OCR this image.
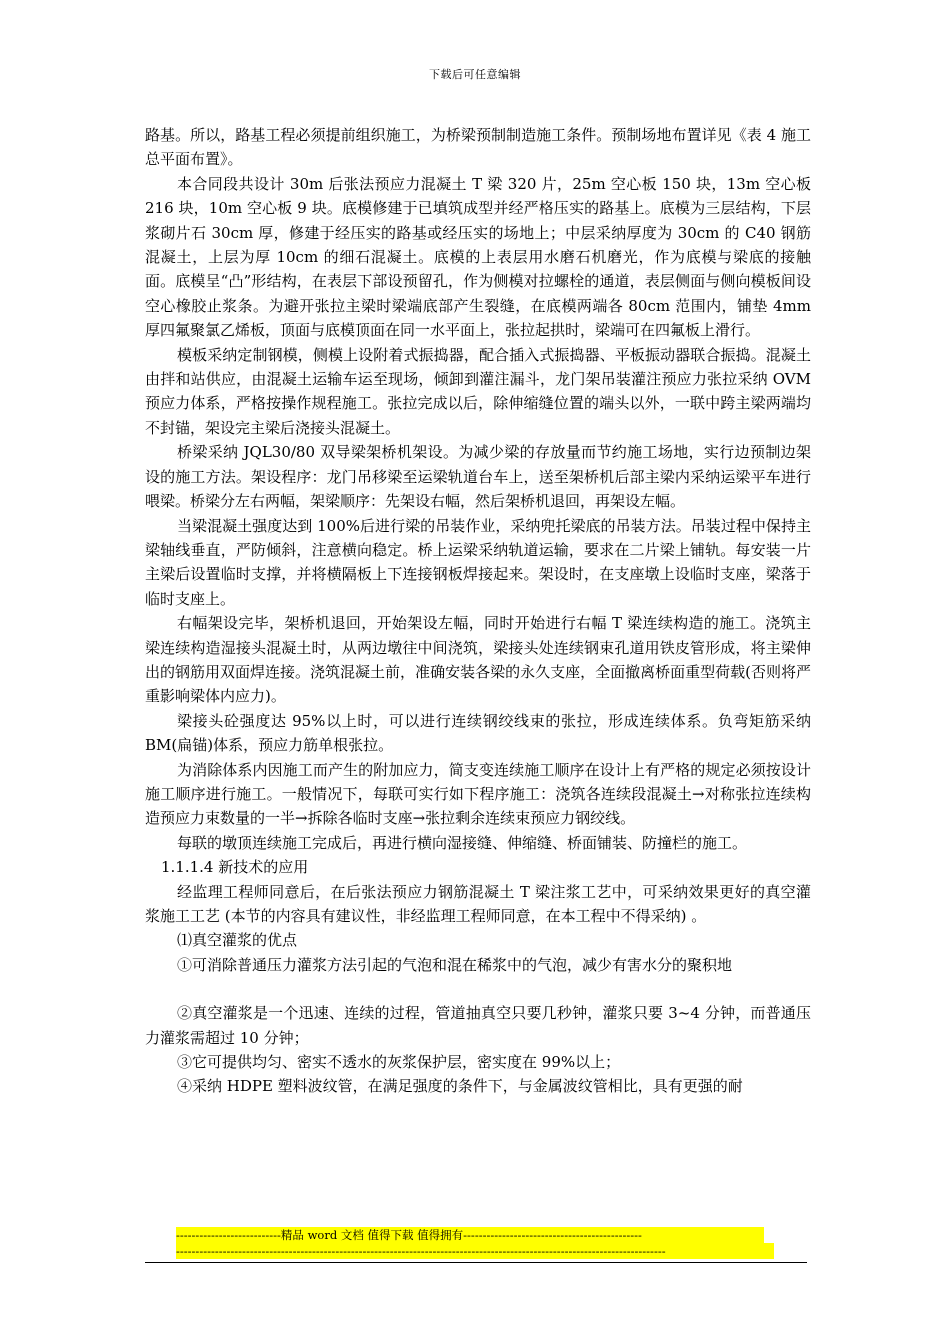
下载后可任意编辑

路基。所以，路基工程必须提前组织施工，为桥梁预制制造施工条件。预制场地布置详见《表 4 施工总平面布置》。

本合同段共设计 30m 后张法预应力混凝土 T 梁 320 片，25m 空心板 150 块，13m 空心板 216 块，10m 空心板 9 块。底模修建于已填筑成型并经严格压实的路基上。底模为三层结构，下层浆砌片石 30cm 厚，修建于经压实的路基或经压实的场地上；中层采纳厚度为 30cm 的 C40 钢筋混凝土，上层为厚 10cm 的细石混凝土。底模的上表层用水磨石机磨光，作为底模与梁底的接触面。底模呈“凸”形结构，在表层下部设预留孔，作为侧模对拉螺栓的通道，表层侧面与侧向模板间设空心橡胶止浆条。为避开张拉主梁时梁端底部产生裂缝，在底模两端各 80cm 范围内，铺垫 4mm 厚四氟聚氯乙烯板，顶面与底模顶面在同一水平面上，张拉起拱时，梁端可在四氟板上滑行。

模板采纳定制钢模，侧模上设附着式振捣器，配合插入式振捣器、平板振动器联合振捣。混凝土由拌和站供应，由混凝土运输车运至现场，倾卸到灌注漏斗，龙门架吊装灌注预应力张拉采纳 OVM 预应力体系，严格按操作规程施工。张拉完成以后，除伸缩缝位置的端头以外，一联中跨主梁两端均不封锚，架设完主梁后浇接头混凝土。

桥梁采纳 JQL30/80 双导梁架桥机架设。为减少梁的存放量而节约施工场地，实行边预制边架设的施工方法。架设程序：龙门吊移梁至运梁轨道台车上，送至架桥机后部主梁内采纳运梁平车进行喂梁。桥梁分左右两幅，架梁顺序：先架设右幅，然后架桥机退回，再架设左幅。

当梁混凝土强度达到 100%后进行梁的吊装作业，采纳兜托梁底的吊装方法。吊装过程中保持主梁轴线垂直，严防倾斜，注意横向稳定。桥上运梁采纳轨道运输，要求在二片梁上铺轨。每安装一片主梁后设置临时支撑，并将横隔板上下连接钢板焊接起来。架设时，在支座墩上设临时支座，梁落于临时支座上。

右幅架设完毕，架桥机退回，开始架设左幅，同时开始进行右幅 T 梁连续构造的施工。浇筑主梁连续构造湿接头混凝土时，从两边墩往中间浇筑，梁接头处连续钢束孔道用铁皮管形成，将主梁伸出的钢筋用双面焊连接。浇筑混凝土前，准确安装各梁的永久支座，全面撤离桥面重型荷载(否则将严重影响梁体内应力)。

梁接头砼强度达 95%以上时，可以进行连续钢绞线束的张拉，形成连续体系。负弯矩筋采纳 BM(扁锚)体系，预应力筋单根张拉。

为消除体系内因施工而产生的附加应力，简支变连续施工顺序在设计上有严格的规定必须按设计施工顺序进行施工。一般情况下，每联可实行如下程序施工：浇筑各连续段混凝土→对称张拉连续构造预应力束数量的一半→拆除各临时支座→张拉剩余连续束预应力钢绞线。

每联的墩顶连续施工完成后，再进行横向湿接缝、伸缩缝、桥面铺装、防撞栏的施工。

1.1.1.4 新技术的应用

经监理工程师同意后，在后张法预应力钢筋混凝土 T 梁注浆工艺中，可采纳效果更好的真空灌浆施工工艺 (本节的内容具有建议性，非经监理工程师同意，在本工程中不得采纳) 。

⑴真空灌浆的优点

①可消除普通压力灌浆方法引起的气泡和混在稀浆中的气泡，减少有害水分的聚积地

②真空灌浆是一个迅速、连续的过程，管道抽真空只要几秒钟，灌浆只要 3~4 分钟，而普通压力灌浆需超过 10 分钟；

③它可提供均匀、密实不透水的灰浆保护层，密实度在 99%以上；

④采纳 HDPE 塑料波纹管，在满足强度的条件下，与金属波纹管相比，具有更强的耐

---------------------------精品 word 文档 值得下载 值得拥有----------------------------------------------
------------------------------------------------------------------------------------------------------------------------------
